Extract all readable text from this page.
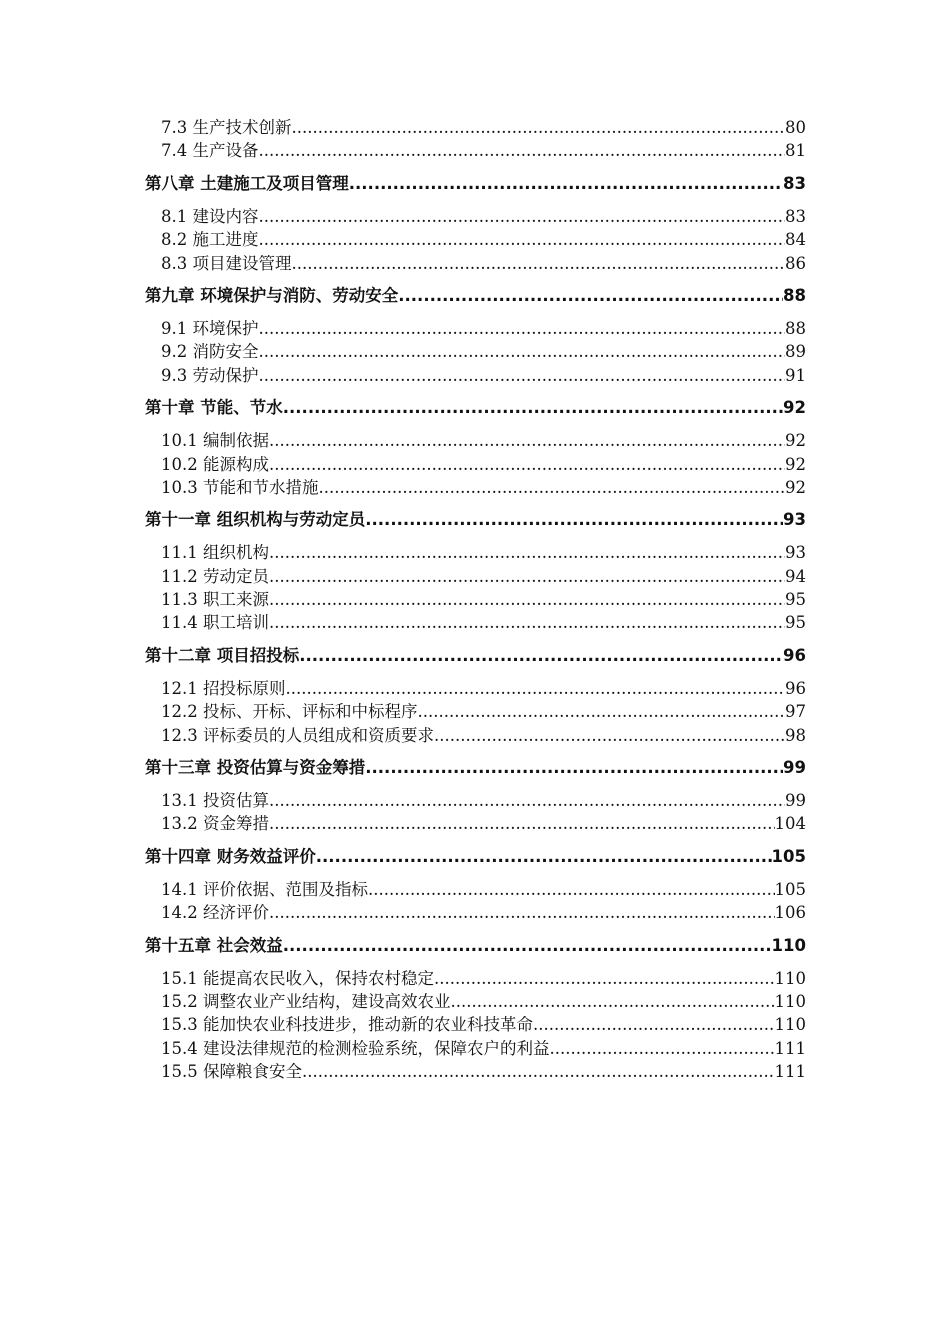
7.3 生产技术创新 .....	80
7.4 生产设备 .....	81
第八章 土建施工及项目管理 .....	83
8.1 建设内容 .....	83
8.2 施工进度 .....	84
8.3 项目建设管理 .....	86
第九章 环境保护与消防、劳动安全 .....	88
9.1 环境保护 .....	88
9.2 消防安全 .....	89
9.3 劳动保护 .....	91
第十章 节能、节水 .....	92
10.1 编制依据 .....	92
10.2 能源构成 .....	92
10.3 节能和节水措施 .....	92
第十一章 组织机构与劳动定员 .....	93
11.1 组织机构 .....	93
11.2 劳动定员 .....	94
11.3 职工来源 .....	95
11.4 职工培训 .....	95
第十二章 项目招投标 .....	96
12.1 招投标原则 .....	96
12.2 投标、开标、评标和中标程序 .....	97
12.3 评标委员的人员组成和资质要求 .....	98
第十三章 投资估算与资金筹措 .....	99
13.1 投资估算 .....	99
13.2 资金筹措 .....	104
第十四章 财务效益评价 .....	105
14.1 评价依据、范围及指标 .....	105
14.2 经济评价 .....	106
第十五章 社会效益 .....	110
15.1 能提高农民收入，保持农村稳定 .....	110
15.2 调整农业产业结构，建设高效农业 .....	110
15.3 能加快农业科技进步，推动新的农业科技革命 .....	110
15.4 建设法律规范的检测检验系统，保障农户的利益 .....	111
15.5 保障粮食安全 .....	111
